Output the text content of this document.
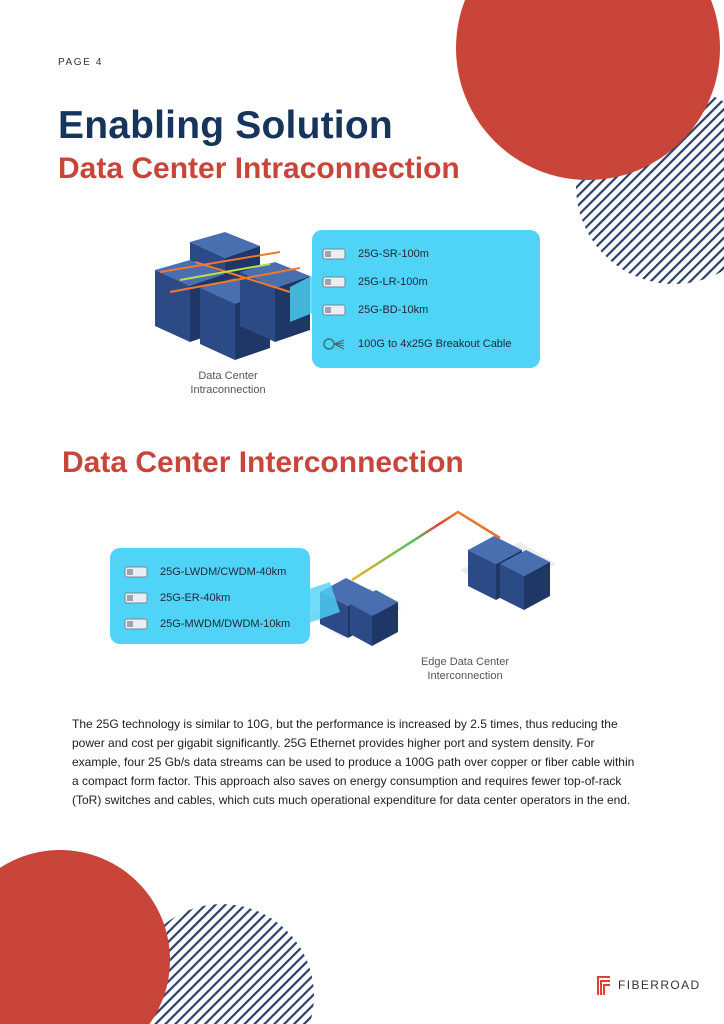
PAGE 4
Enabling Solution
Data Center Intraconnection
25G-SR-100m
25G-LR-100m
25G-BD-10km
100G to 4x25G Breakout Cable
Data Center
Intraconnection
Data Center Interconnection
25G-LWDM/CWDM-40km
25G-ER-40km
25G-MWDM/DWDM-10km
Edge Data Center
Interconnection

The 25G technology is similar to 10G, but the performance is increased by 2.5 times, thus reducing the power and cost per gigabit significantly. 25G Ethernet provides higher port and system density. For example, four 25 Gb/s data streams can be used to produce a 100G path over copper or fiber cable within a compact form factor. This approach also saves on energy consumption and requires fewer top-of-rack (ToR) switches and cables, which cuts much operational expenditure for data center operators in the end.

FIBERROAD
